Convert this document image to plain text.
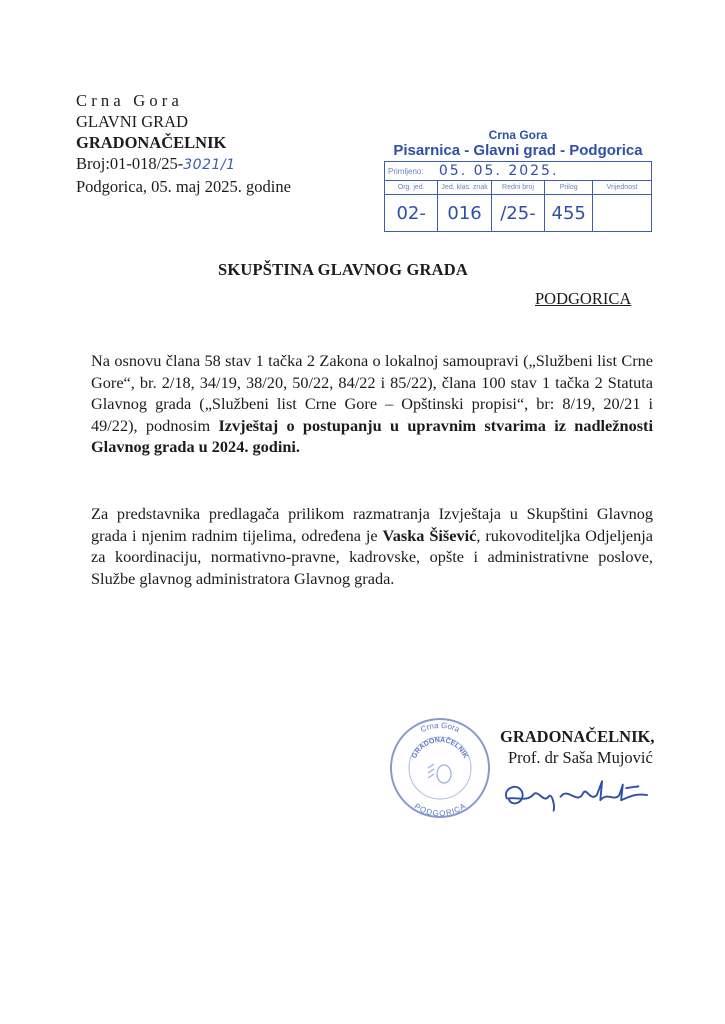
Crna Gora
GLAVNI GRAD
GRADONAČELNIK
Broj:01-018/25-3021/1
Podgorica, 05. maj 2025. godine
Crna Gora
Pisarnica - Glavni grad - Podgorica
Primljeno:	05. 05. 2025.			
Org. jed.	Jed. klas. znak	Redni broj	Prilog	Vrijednost
02-	016	/25-	455	
SKUPŠTINA GLAVNOG GRADA
PODGORICA
Na osnovu člana 58 stav 1 tačka 2 Zakona o lokalnoj samoupravi („Službeni list Crne Gore“, br. 2/18, 34/19, 38/20, 50/22, 84/22 i 85/22), člana 100 stav 1 tačka 2 Statuta Glavnog grada („Službeni list Crne Gore – Opštinski propisi“, br: 8/19, 20/21 i 49/22), podnosim Izvještaj o postupanju u upravnim stvarima iz nadležnosti Glavnog grada u 2024. godini.
Za predstavnika predlagača prilikom razmatranja Izvještaja u Skupštini Glavnog grada i njenim radnim tijelima, određena je Vaska Šišević, rukovoditeljka Odjeljenja za koordinaciju, normativno-pravne, kadrovske, opšte i administrativne poslove, Službe glavnog administratora Glavnog grada.
Crna Gora
GRADONAČELNIK
PODGORICA
GRADONAČELNIK,
Prof. dr Saša Mujović
